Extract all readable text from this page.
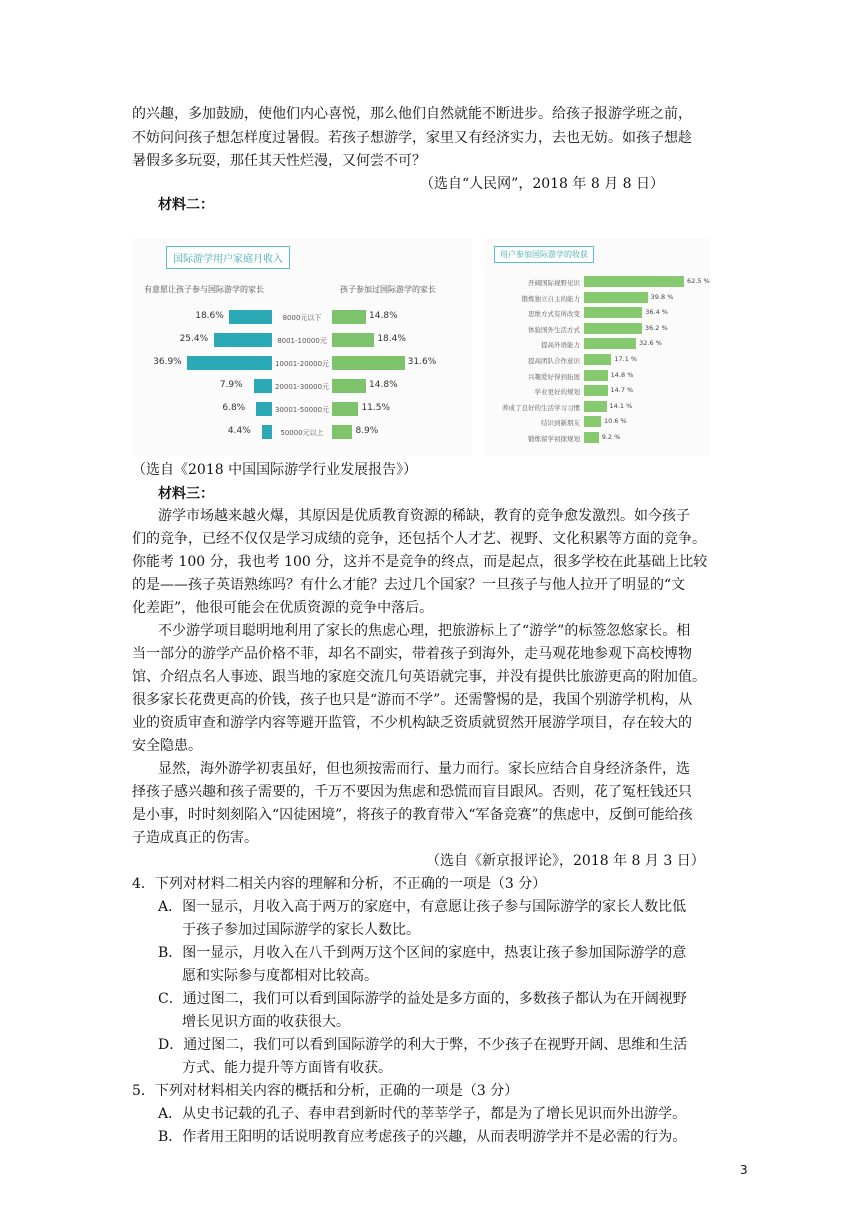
的兴趣，多加鼓励，使他们内心喜悦，那么他们自然就能不断进步。给孩子报游学班之前，
不妨问问孩子想怎样度过暑假。若孩子想游学，家里又有经济实力，去也无妨。如孩子想趁
暑假多多玩耍，那任其天性烂漫，又何尝不可？
（选自“人民网”，2018 年 8 月 8 日）
材料二：
国际游学用户家庭月收入
有意愿让孩子参与国际游学的家长	孩子参加过国际游学的家长
18.6%	8000元以下	14.8%
25.4%	8001-10000元	18.4%
36.9%	10001-20000元	31.6%
7.9%	20001-30000元	14.8%
6.8%	30001-50000元	11.5%
4.4%	50000元以上	8.9%
用户参加国际游学的收获
开阔国际视野见识	62.5 %
锻炼独立自主的能力	39.8 %
思维方式有所改变	36.4 %
体验国外生活方式	36.2 %
提高外语能力	32.6 %
提高团队合作意识	17.1 %
兴趣爱好得到拓展	14.8 %
学业更好的规划	14.7 %
养成了良好的生活学习习惯	14.1 %
结识到新朋友	10.6 %
锻炼留学初探规划	9.2 %
（选自《2018 中国国际游学行业发展报告》）
材料三：
游学市场越来越火爆，其原因是优质教育资源的稀缺，教育的竞争愈发激烈。如今孩子
们的竞争，已经不仅仅是学习成绩的竞争，还包括个人才艺、视野、文化积累等方面的竞争。
你能考 100 分，我也考 100 分，这并不是竞争的终点，而是起点，很多学校在此基础上比较
的是——孩子英语熟练吗？有什么才能？去过几个国家？一旦孩子与他人拉开了明显的“文
化差距”，他很可能会在优质资源的竞争中落后。
不少游学项目聪明地利用了家长的焦虑心理，把旅游标上了“游学”的标签忽悠家长。相
当一部分的游学产品价格不菲，却名不副实，带着孩子到海外，走马观花地参观下高校博物
馆、介绍点名人事迹、跟当地的家庭交流几句英语就完事，并没有提供比旅游更高的附加值。
很多家长花费更高的价钱，孩子也只是“游而不学”。还需警惕的是，我国个别游学机构，从
业的资质审查和游学内容等避开监管，不少机构缺乏资质就贸然开展游学项目，存在较大的
安全隐患。
显然，海外游学初衷虽好，但也须按需而行、量力而行。家长应结合自身经济条件，选
择孩子感兴趣和孩子需要的，千万不要因为焦虑和恐慌而盲目跟风。否则，花了冤枉钱还只
是小事，时时刻刻陷入“囚徒困境”，将孩子的教育带入“军备竞赛”的焦虑中，反倒可能给孩
子造成真正的伤害。
（选自《新京报评论》，2018 年 8 月 3 日）
4．下列对材料二相关内容的理解和分析，不正确的一项是（3 分）
A．图一显示，月收入高于两万的家庭中，有意愿让孩子参与国际游学的家长人数比低
于孩子参加过国际游学的家长人数比。
B．图一显示，月收入在八千到两万这个区间的家庭中，热衷让孩子参加国际游学的意
愿和实际参与度都相对比较高。
C．通过图二，我们可以看到国际游学的益处是多方面的，多数孩子都认为在开阔视野
增长见识方面的收获很大。
D．通过图二，我们可以看到国际游学的利大于弊，不少孩子在视野开阔、思维和生活
方式、能力提升等方面皆有收获。
5．下列对材料相关内容的概括和分析，正确的一项是（3 分）
A．从史书记载的孔子、春申君到新时代的莘莘学子，都是为了增长见识而外出游学。
B．作者用王阳明的话说明教育应考虑孩子的兴趣，从而表明游学并不是必需的行为。
3
